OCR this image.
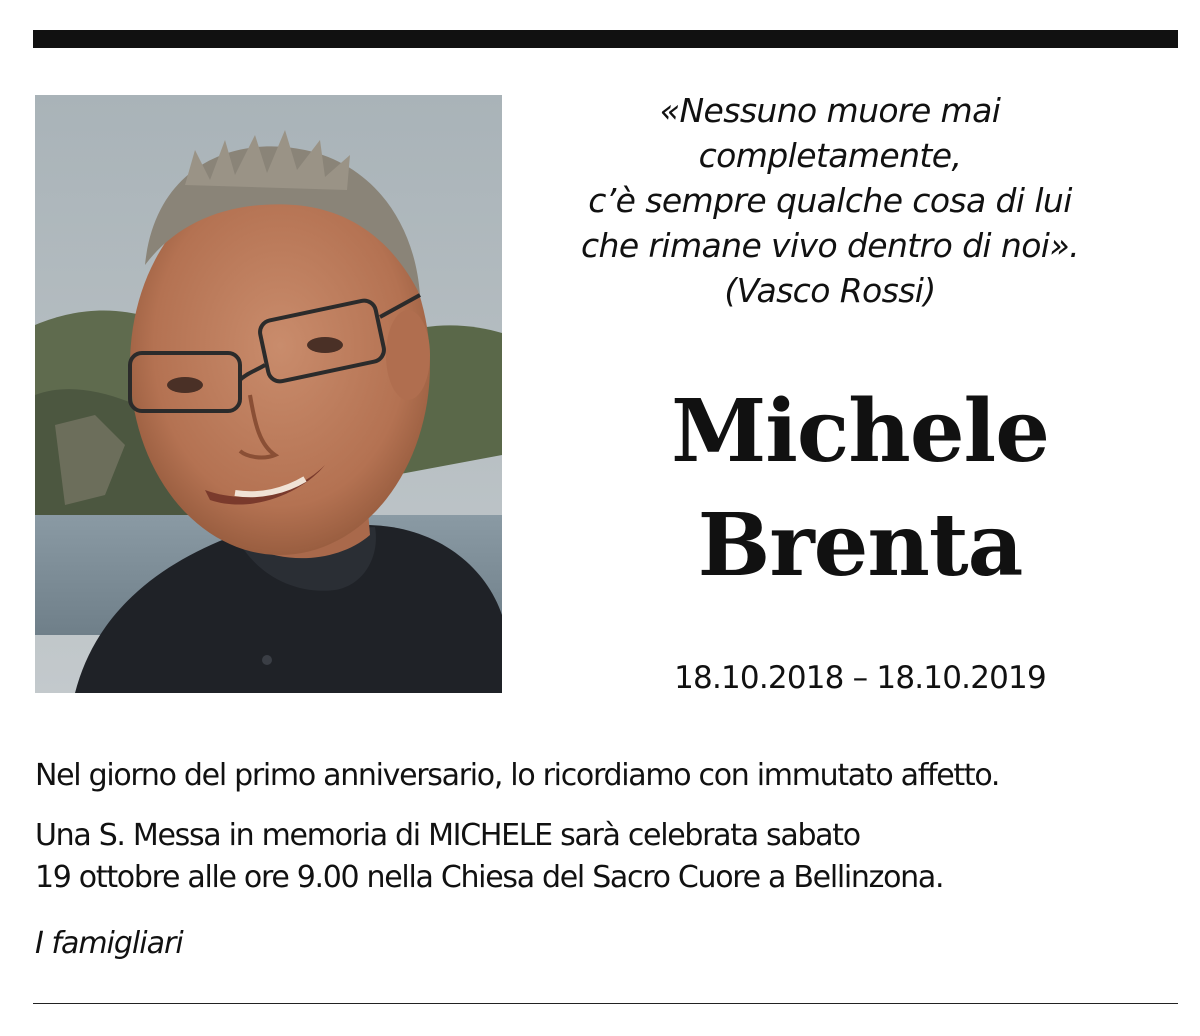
«Nessuno muore mai
completamente,
c’è sempre qualche cosa di lui
che rimane vivo dentro di noi».
(Vasco Rossi)
Michele
Brenta
18.10.2018 – 18.10.2019
Nel giorno del primo anniversario, lo ricordiamo con immutato affetto.
Una S. Messa in memoria di MICHELE sarà celebrata sabato
19 ottobre alle ore 9.00 nella Chiesa del Sacro Cuore a Bellinzona.
I famigliari
